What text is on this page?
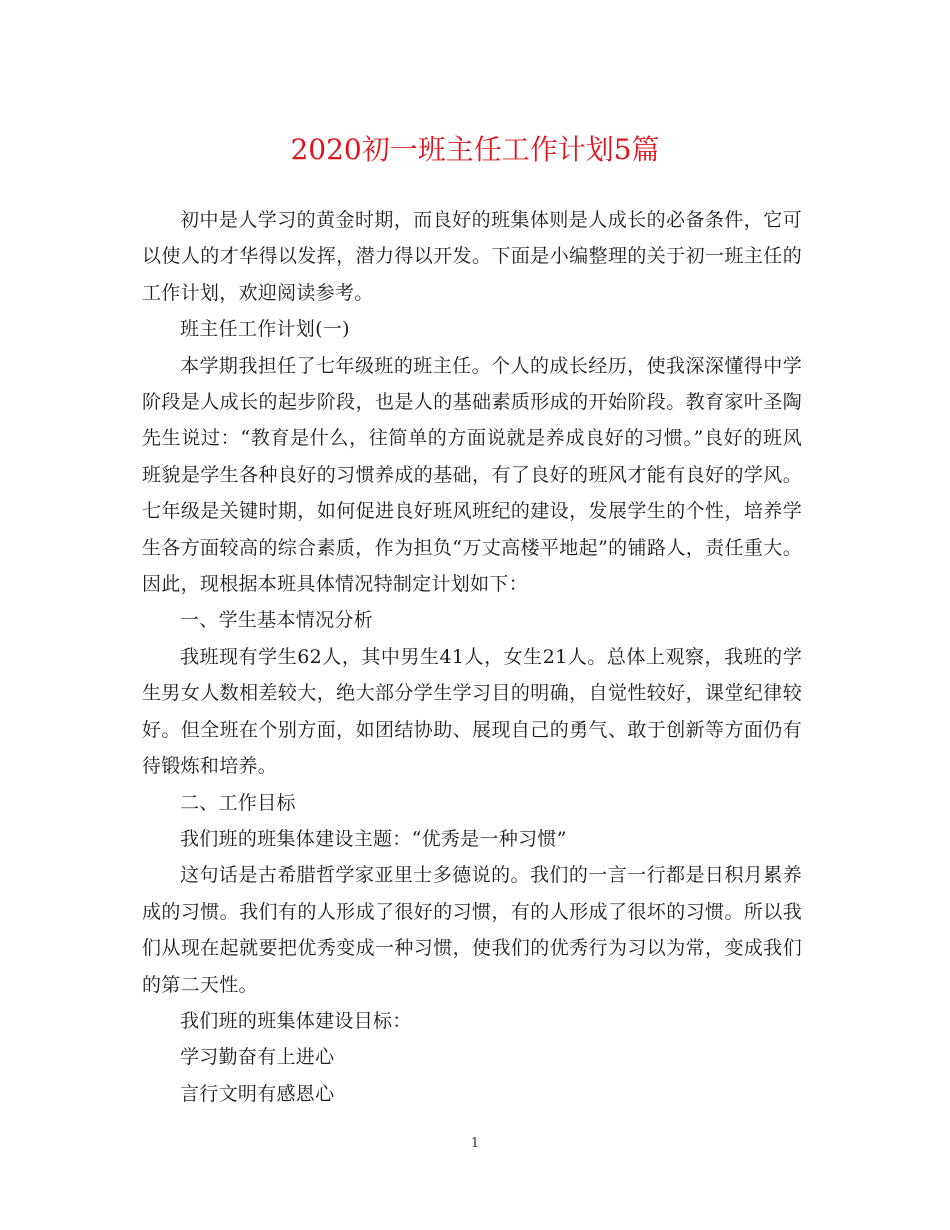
2020初一班主任工作计划5篇

初中是人学习的黄金时期，而良好的班集体则是人成长的必备条件，它可以使人的才华得以发挥，潜力得以开发。下面是小编整理的关于初一班主任的工作计划，欢迎阅读参考。

班主任工作计划(一)

本学期我担任了七年级班的班主任。个人的成长经历，使我深深懂得中学阶段是人成长的起步阶段，也是人的基础素质形成的开始阶段。教育家叶圣陶先生说过：“教育是什么，往简单的方面说就是养成良好的习惯。”良好的班风班貌是学生各种良好的习惯养成的基础，有了良好的班风才能有良好的学风。七年级是关键时期，如何促进良好班风班纪的建设，发展学生的个性，培养学生各方面较高的综合素质，作为担负“万丈高楼平地起”的铺路人，责任重大。因此，现根据本班具体情况特制定计划如下：

一、学生基本情况分析

我班现有学生62人，其中男生41人，女生21人。总体上观察，我班的学生男女人数相差较大，绝大部分学生学习目的明确，自觉性较好，课堂纪律较好。但全班在个别方面，如团结协助、展现自己的勇气、敢于创新等方面仍有待锻炼和培养。

二、工作目标

我们班的班集体建设主题：“优秀是一种习惯”

这句话是古希腊哲学家亚里士多德说的。我们的一言一行都是日积月累养成的习惯。我们有的人形成了很好的习惯，有的人形成了很坏的习惯。所以我们从现在起就要把优秀变成一种习惯，使我们的优秀行为习以为常，变成我们的第二天性。

我们班的班集体建设目标：

学习勤奋有上进心

言行文明有感恩心

1
